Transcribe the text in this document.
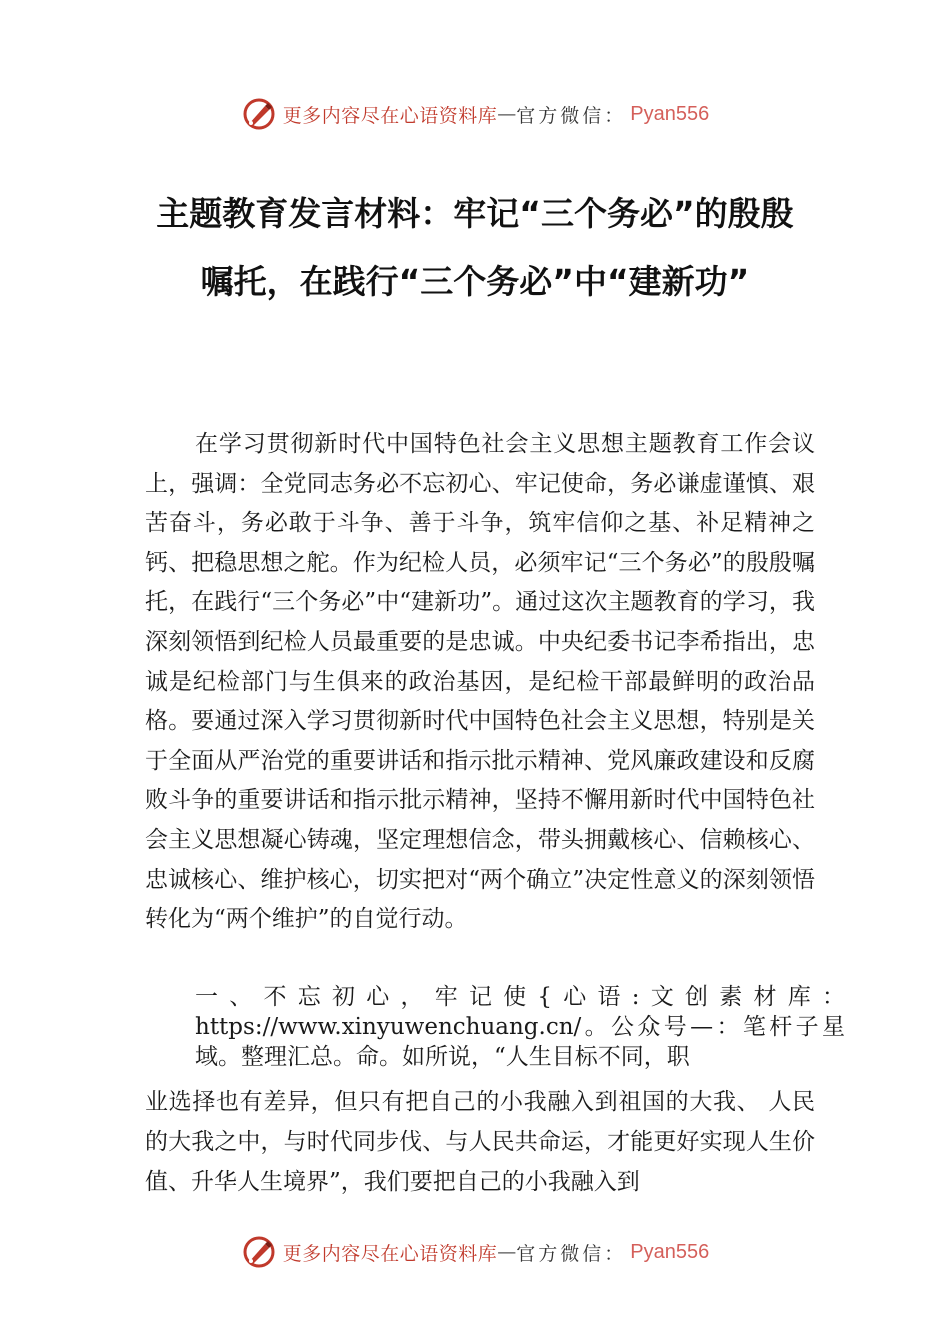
更多内容尽在心语资料库 — 官方微信： Pyan556
主题教育发言材料：牢记“三个务必”的殷殷嘱托，在践行“三个务必”中“建新功”
在学习贯彻新时代中国特色社会主义思想主题教育工作会议上，强调：全党同志务必不忘初心、牢记使命，务必谦虚谨慎、艰苦奋斗，务必敢于斗争、善于斗争，筑牢信仰之基、补足精神之钙、把稳思想之舵。作为纪检人员，必须牢记“三个务必”的殷殷嘱托，在践行“三个务必”中“建新功”。通过这次主题教育的学习，我深刻领悟到纪检人员最重要的是忠诚。中央纪委书记李希指出，忠诚是纪检部门与生俱来的政治基因，是纪检干部最鲜明的政治品格。要通过深入学习贯彻新时代中国特色社会主义思想，特别是关于全面从严治党的重要讲话和指示批示精神、党风廉政建设和反腐败斗争的重要讲话和指示批示精神，坚持不懈用新时代中国特色社会主义思想凝心铸魂，坚定理想信念，带头拥戴核心、信赖核心、忠诚核心、维护核心，切实把对“两个确立”决定性意义的深刻领悟转化为“两个维护”的自觉行动。
一、不忘初心，牢记使{心语:文创素材库：https://www.xinyuwenchuang.cn/。公众号—：笔杆子星域。整理汇总。命。如所说，“人生目标不同，职
业选择也有差异，但只有把自己的小我融入到祖国的大我、 人民的大我之中，与时代同步伐、与人民共命运，才能更好实现人生价值、升华人生境界”，我们要把自己的小我融入到
更多内容尽在心语资料库 — 官方微信： Pyan556
